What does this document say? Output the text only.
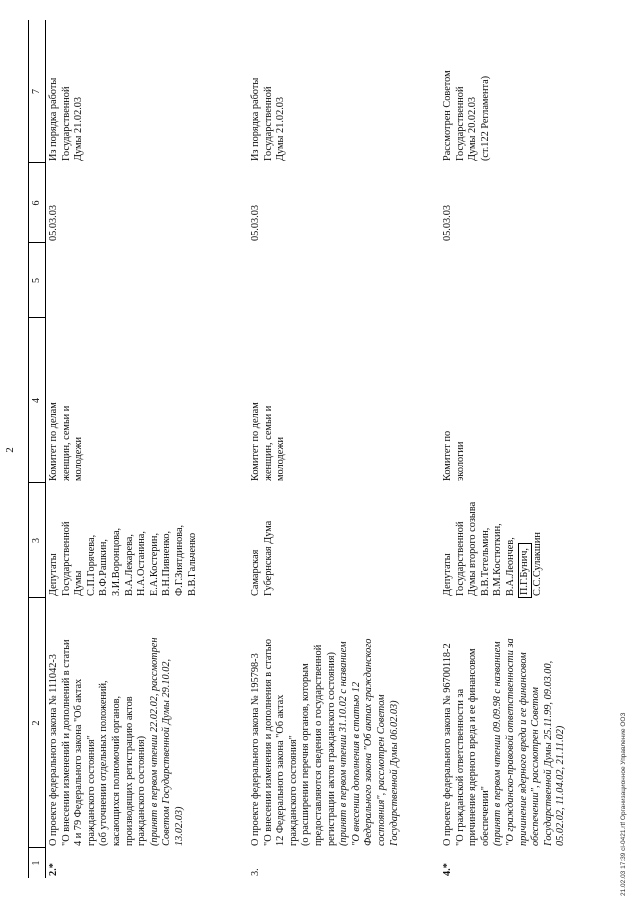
2
1
2
3
4
5
6
7
2.*
О проекте федерального закона № 111042-3
"О внесении изменений и дополнений в статьи
4 и 79 Федерального закона "Об актах
гражданского состояния"
(об уточнении отдельных положений,
касающихся полномочий органов,
производящих регистрацию актов
гражданского состояния)
(принят в первом чтении 22.02.02, рассмотрен
Советом Государственной Думы 29.10.02,
13.02.03)
Депутаты
Государственной
Думы
С.П.Горячева,
В.Ф.Рашкин,
З.И.Воронцова,
В.А.Лекарева,
Н.А.Останина,
Е.А.Костерин,
В.Н.Пивненко,
Ф.Г.Зиятдинова,
В.В.Гальченко
Комитет по делам
женщин, семьи и
молодежи
05.03.03
Из порядка работы
Государственной
Думы 21.02.03
3.
О проекте федерального закона № 195798-3
"О внесении изменения и дополнения в статью
12 Федерального закона "Об актах
гражданского состояния"
(о расширении перечня органов, которым
предоставляются сведения о государственной
регистрации актов гражданского состояния)
(принят в первом чтении 31.10.02 с названием
"О внесении дополнения в статью 12
Федерального закона "Об актах гражданского
состояния", рассмотрен Советом
Государственной Думы 06.02.03)
Самарская
Губернская Дума
Комитет по делам
женщин, семьи и
молодежи
05.03.03
Из порядка работы
Государственной
Думы 21.02.03
4.*
О проекте федерального закона № 96700118-2
"О гражданской ответственности за
причинение ядерного вреда и ее финансовом
обеспечении" (принят в первом чтении 09.09.98 с названием
"О гражданско-правовой ответственности за
причинение ядерного вреда и ее финансовом
обеспечении", рассмотрен Советом
Государственной Думы 25.11.99, 09.03.00,
05.02.02, 11.04.02, 21.11.02)
Депутаты
Государственной
Думы второго созыва
В.В.Тетельмин,
В.М.Костюткин,
В.А.Леончев, П.Г.Бунич, С.С.Сулакшин
Комитет по
экологии
05.03.03
Рассмотрен Советом
Государственной
Думы 20.02.03
(ст.122 Регламента)
21.02.03 17:39 cl-0421.rtf Организационное Управление ООЗ
